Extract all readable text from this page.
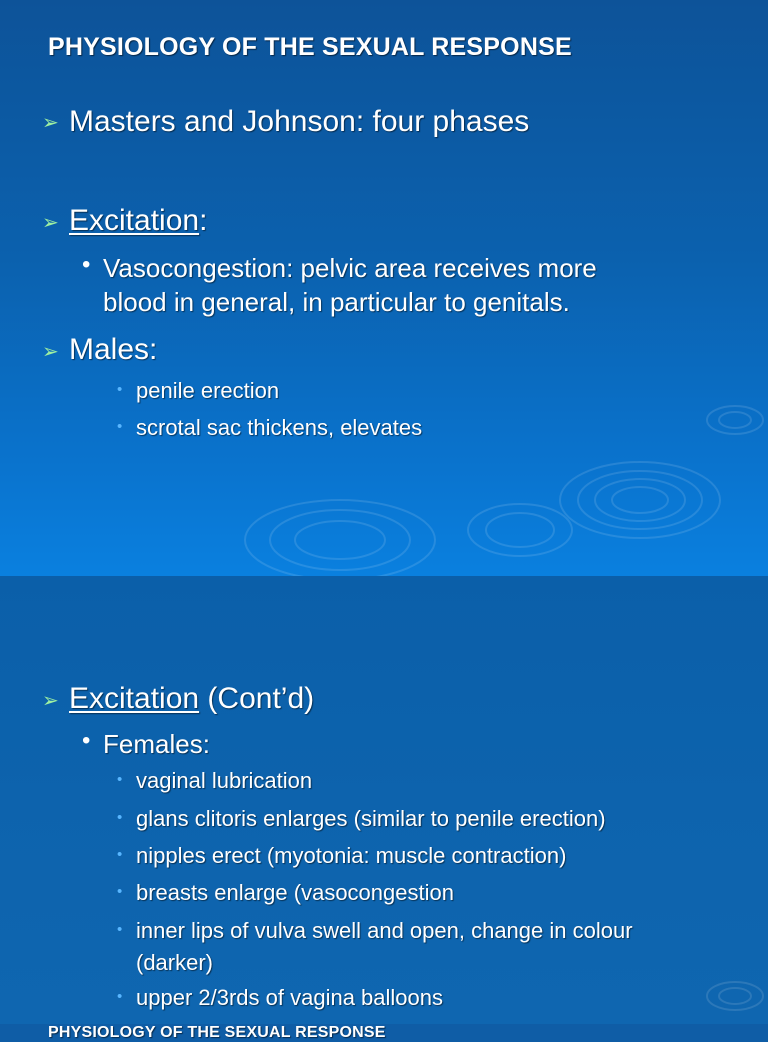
PHYSIOLOGY OF THE SEXUAL RESPONSE
➢ Masters and Johnson: four phases
➢ Excitation:
• Vasocongestion: pelvic area receives more
blood in general, in particular to genitals.
➢ Males:
• penile erection
• scrotal sac thickens, elevates
PHYSIOLOGY OF THE SEXUAL RESPONSE
➢ Excitation (Cont’d)
• Females:
• vaginal lubrication
• glans clitoris enlarges (similar to penile erection)
• nipples erect (myotonia: muscle contraction)
• breasts enlarge (vasocongestion
• inner lips of vulva swell and open, change in colour
(darker)
• upper 2/3rds of vagina balloons
